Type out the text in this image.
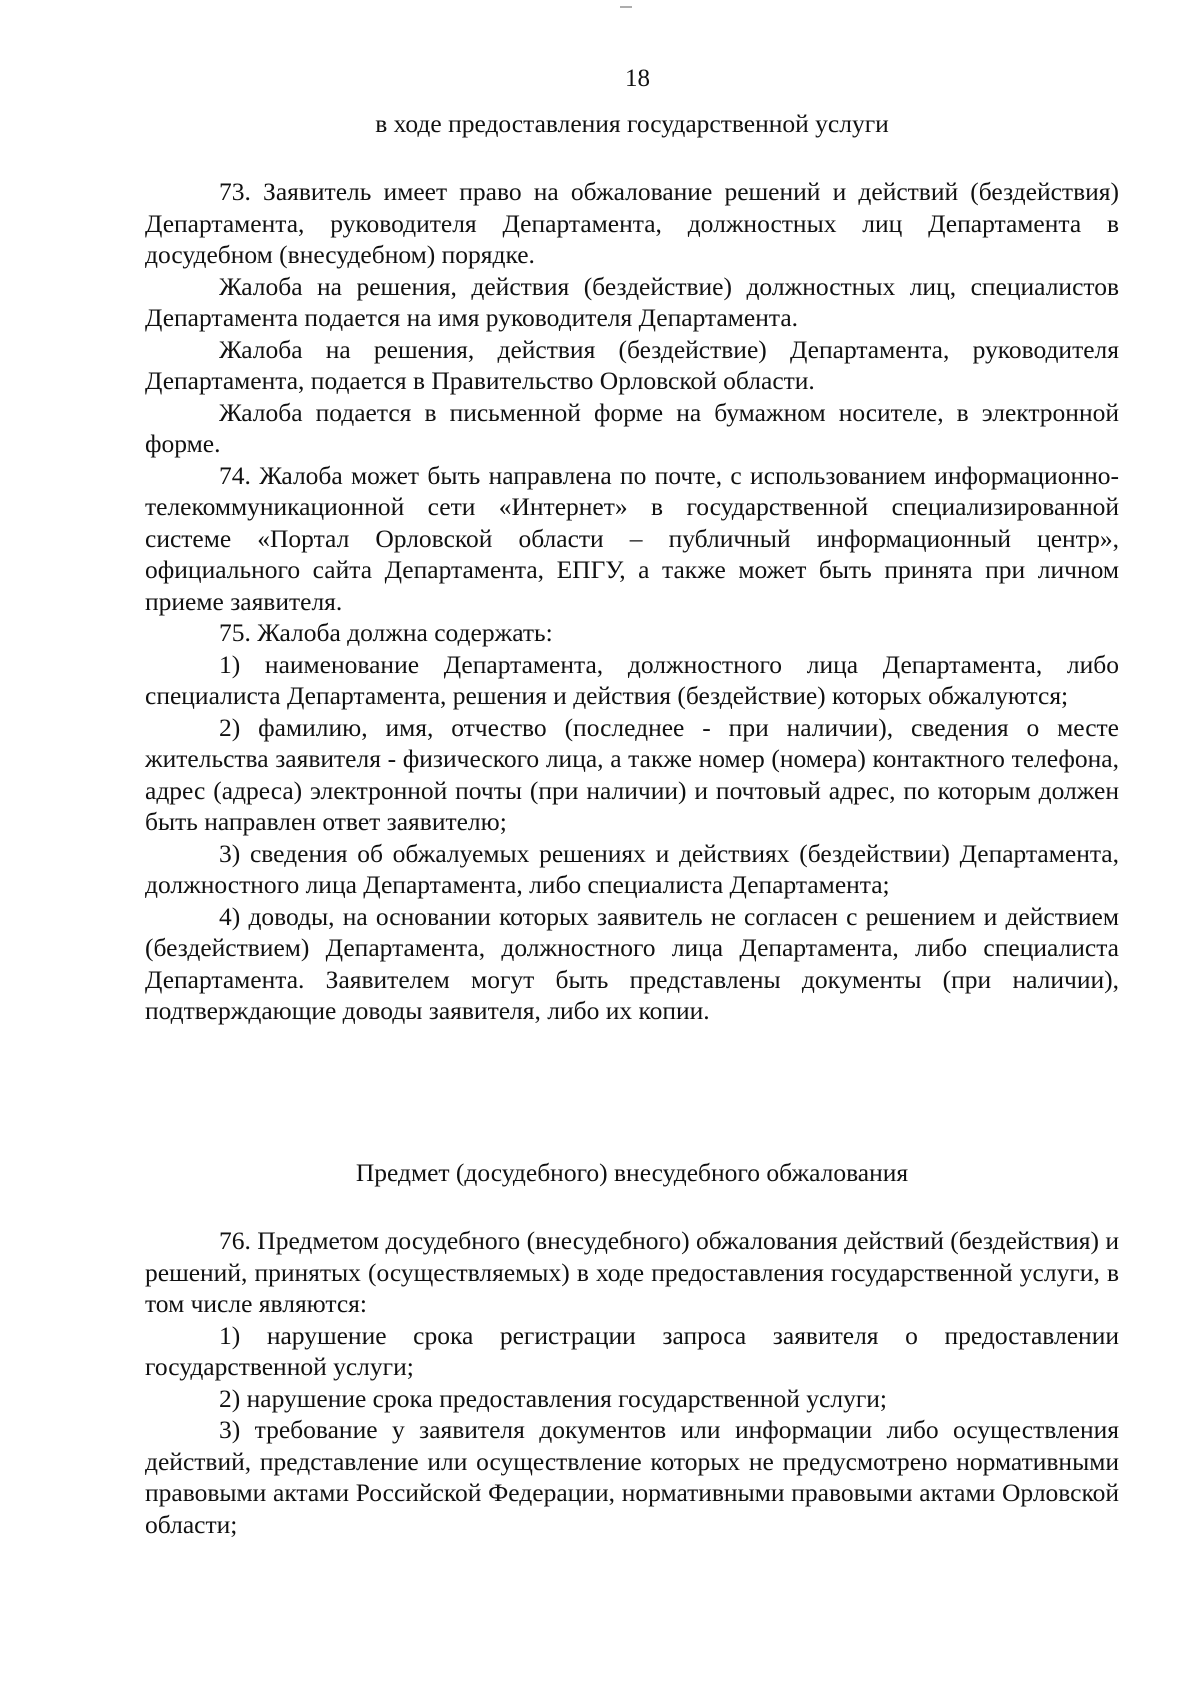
18

в ходе предоставления государственной услуги

73. Заявитель имеет право на обжалование решений и действий (бездействия) Департамента, руководителя Департамента, должностных лиц Департамента в досудебном (внесудебном) порядке.

Жалоба на решения, действия (бездействие) должностных лиц, специалистов Департамента подается на имя руководителя Департамента.

Жалоба на решения, действия (бездействие) Департамента, руководителя Департамента, подается в Правительство Орловской области.

Жалоба подается в письменной форме на бумажном носителе, в электронной форме.

74. Жалоба может быть направлена по почте, с использованием информационно-телекоммуникационной сети «Интернет» в государственной специализированной системе «Портал Орловской области – публичный информационный центр», официального сайта Департамента, ЕПГУ, а также может быть принята при личном приеме заявителя.

75. Жалоба должна содержать:

1) наименование Департамента, должностного лица Департамента, либо специалиста Департамента, решения и действия (бездействие) которых обжалуются;

2) фамилию, имя, отчество (последнее - при наличии), сведения о месте жительства заявителя - физического лица, а также номер (номера) контактного телефона, адрес (адреса) электронной почты (при наличии) и почтовый адрес, по которым должен быть направлен ответ заявителю;

3) сведения об обжалуемых решениях и действиях (бездействии) Департамента, должностного лица Департамента, либо специалиста Департамента;

4) доводы, на основании которых заявитель не согласен с решением и действием (бездействием) Департамента, должностного лица Департамента, либо специалиста Департамента. Заявителем могут быть представлены документы (при наличии), подтверждающие доводы заявителя, либо их копии.

Предмет (досудебного) внесудебного обжалования

76. Предметом досудебного (внесудебного) обжалования действий (бездействия) и решений, принятых (осуществляемых) в ходе предоставления государственной услуги, в том числе являются:

1) нарушение срока регистрации запроса заявителя о предоставлении государственной услуги;

2) нарушение срока предоставления государственной услуги;

3) требование у заявителя документов или информации либо осуществления действий, представление или осуществление которых не предусмотрено нормативными правовыми актами Российской Федерации, нормативными правовыми актами Орловской области;
